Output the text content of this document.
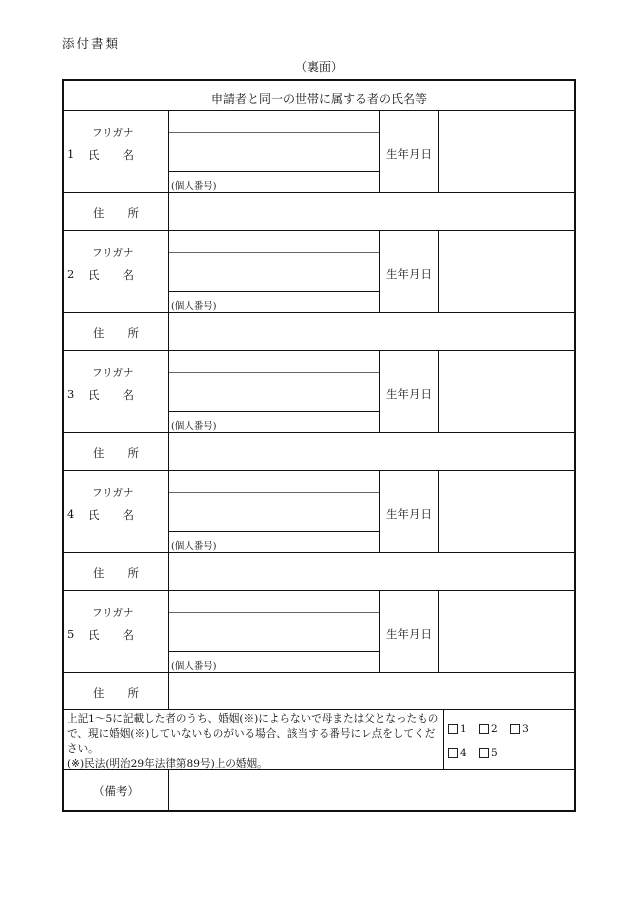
添付書類
（裏面）
申請者と同一の世帯に属する者の氏名等
フリガナ
1 氏　　名
(個人番号)
生年月日
住　　所
フリガナ
2 氏　　名
(個人番号)
生年月日
住　　所
フリガナ
3 氏　　名
(個人番号)
生年月日
住　　所
フリガナ
4 氏　　名
(個人番号)
生年月日
住　　所
フリガナ
5 氏　　名
(個人番号)
生年月日
住　　所
上記1～5に記載した者のうち、婚姻(※)によらないで母または父となったもので、現に婚姻(※)していないものがいる場合、該当する番号にレ点をしてください。
(※)民法(明治29年法律第89号)上の婚姻。
1
2
3
4
5
（備考）
